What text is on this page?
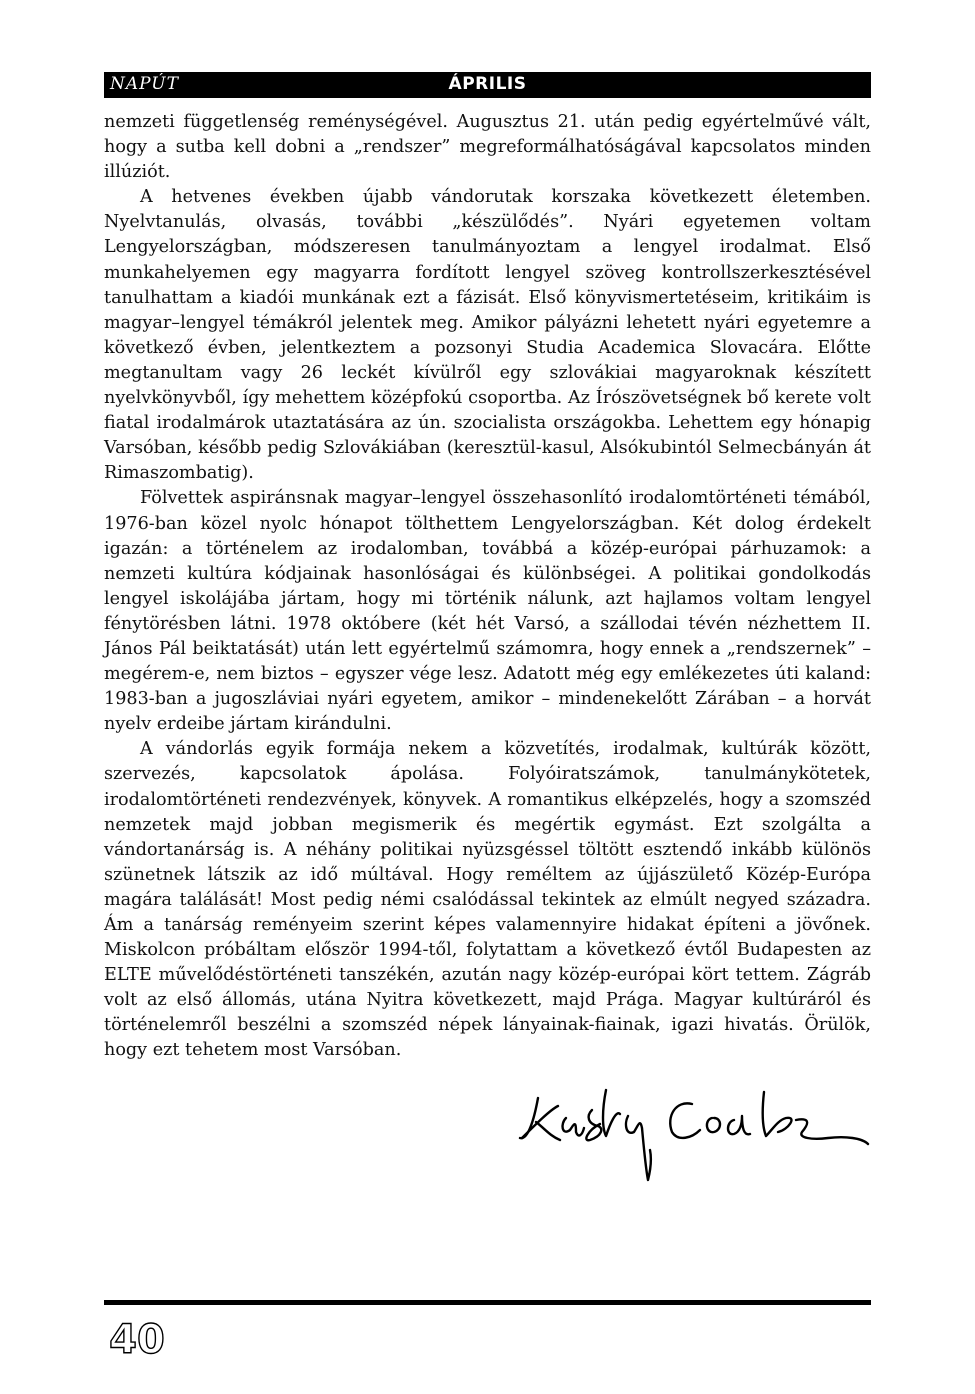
NAPÚT	ÁPRILIS

nemzeti függetlenség reménységével. Augusztus 21. után pedig egyértelművé vált, hogy a sutba kell dobni a „rendszer” megreformálhatóságával kapcsolatos minden illúziót.

A hetvenes években újabb vándorutak korszaka következett életemben. Nyelvtanulás, olvasás, további „készülődés”. Nyári egyetemen voltam Lengyelországban, módszeresen tanulmányoztam a lengyel irodalmat. Első munkahelyemen egy magyarra fordított lengyel szöveg kontrollszerkesztésével tanulhattam a kiadói munkának ezt a fázisát. Első könyvismertetéseim, kritikáim is magyar–lengyel témákról jelentek meg. Amikor pályázni lehetett nyári egyetemre a következő évben, jelentkeztem a pozsonyi Studia Academica Slovacára. Előtte megtanultam vagy 26 leckét kívülről egy szlovákiai magyaroknak készített nyelvkönyvből, így mehettem középfokú csoportba. Az Írószövetségnek bő kerete volt fiatal irodalmárok utaztatására az ún. szocialista országokba. Lehettem egy hónapig Varsóban, később pedig Szlovákiában (keresztül-kasul, Alsókubintól Selmecbányán át Rimaszombatig).

Fölvettek aspiránsnak magyar–lengyel összehasonlító irodalomtörténeti témából, 1976-ban közel nyolc hónapot tölthettem Lengyelországban. Két dolog érdekelt igazán: a történelem az irodalomban, továbbá a közép-európai párhuzamok: a nemzeti kultúra kódjainak hasonlóságai és különbségei. A politikai gondolkodás lengyel iskolájába jártam, hogy mi történik nálunk, azt hajlamos voltam lengyel fénytörésben látni. 1978 októbere (két hét Varsó, a szállodai tévén nézhettem II. János Pál beiktatását) után lett egyértelmű számomra, hogy ennek a „rendszernek” – megérem-e, nem biztos – egyszer vége lesz. Adatott még egy emlékezetes úti kaland: 1983-ban a jugoszláviai nyári egyetem, amikor – mindenekelőtt Zárában – a horvát nyelv erdeibe jártam kirándulni.

A vándorlás egyik formája nekem a közvetítés, irodalmak, kultúrák között, szervezés, kapcsolatok ápolása. Folyóiratszámok, tanulmánykötetek, irodalomtörténeti rendezvények, könyvek. A romantikus elképzelés, hogy a szomszéd nemzetek majd jobban megismerik és megértik egymást. Ezt szolgálta a vándortanárság is. A néhány politikai nyüzsgéssel töltött esztendő inkább különös szünetnek látszik az idő múltával. Hogy reméltem az újjászülető Közép-Európa magára találását! Most pedig némi csalódással tekintek az elmúlt negyed századra. Ám a tanárság reményeim szerint képes valamennyire hidakat építeni a jövőnek. Miskolcon próbáltam először 1994-től, folytattam a következő évtől Budapesten az ELTE művelődéstörténeti tanszékén, azután nagy közép-európai kört tettem. Zágráb volt az első állomás, utána Nyitra következett, majd Prága. Magyar kultúráról és történelemről beszélni a szomszéd népek lányainak-fiainak, igazi hivatás. Örülök, hogy ezt tehetem most Varsóban.

40
